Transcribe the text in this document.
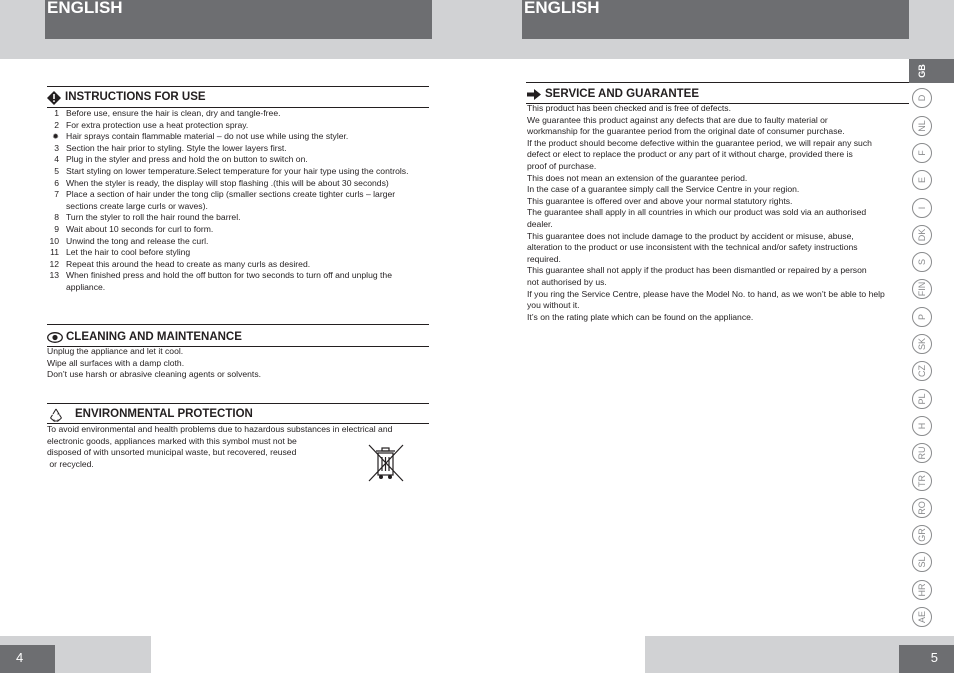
ENGLISH	ENGLISH
INSTRUCTIONS FOR USE
1 Before use, ensure the hair is clean, dry and tangle-free.
2 For extra protection use a heat protection spray.
✹ Hair sprays contain flammable material – do not use while using the styler.
3 Section the hair prior to styling. Style the lower layers first.
4 Plug in the styler and press and hold the on button to switch on.
5 Start styling on lower temperature.Select temperature for your hair type using the controls.
6 When the styler is ready, the display will stop flashing .(this will be about 30 seconds)
7 Place a section of hair under the tong clip (smaller sections create tighter curls – larger sections create large curls or waves).
8 Turn the styler to roll the hair round the barrel.
9 Wait about 10 seconds for curl to form.
10 Unwind the tong and release the curl.
11 Let the hair to cool before styling
12 Repeat this around the head to create as many curls as desired.
13 When finished press and hold the off button for two seconds to turn off and unplug the appliance.
CLEANING AND MAINTENANCE
Unplug the appliance and let it cool.
Wipe all surfaces with a damp cloth.
Don’t use harsh or abrasive cleaning agents or solvents.
ENVIRONMENTAL PROTECTION
To avoid environmental and health problems due to hazardous substances in electrical and
electronic goods, appliances marked with this symbol must not be
disposed of with unsorted municipal waste, but recovered, reused
or recycled.
SERVICE AND GUARANTEE
This product has been checked and is free of defects.
We guarantee this product against any defects that are due to faulty material or
workmanship for the guarantee period from the original date of consumer purchase.
If the product should become defective within the guarantee period, we will repair any such
defect or elect to replace the product or any part of it without charge, provided there is
proof of purchase.
This does not mean an extension of the guarantee period.
In the case of a guarantee simply call the Service Centre in your region.
This guarantee is offered over and above your normal statutory rights.
The guarantee shall apply in all countries in which our product was sold via an authorised
dealer.
This guarantee does not include damage to the product by accident or misuse, abuse,
alteration to the product or use inconsistent with the technical and/or safety instructions
required.
This guarantee shall not apply if the product has been dismantled or repaired by a person
not authorised by us.
If you ring the Service Centre, please have the Model No. to hand, as we won’t be able to help
you without it.
It’s on the rating plate which can be found on the appliance.
GB
D
NL
F
E
I
DK
S
FIN
P
SK
CZ
PL
H
RU
TR
RO
GR
SL
HR
AE
4	5
